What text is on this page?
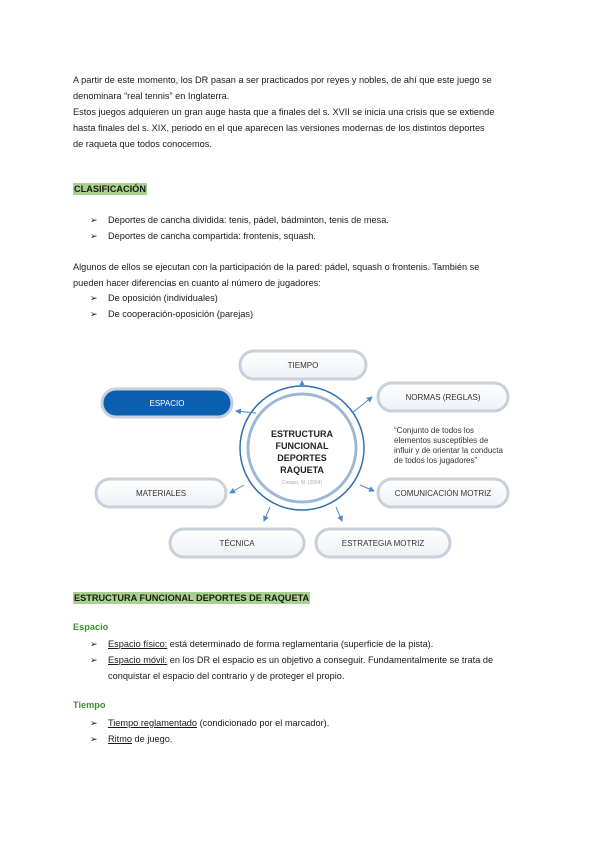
A partir de este momento, los DR pasan a ser practicados por reyes y nobles, de ahí que este juego se

denominara “real tennis” en Inglaterra.

Estos juegos adquieren un gran auge hasta que a finales del s. XVII se inicia una crisis que se extiende

hasta finales del s. XIX, periodo en el que aparecen las versiones modernas de los distintos deportes

de raqueta que todos conocemos.

CLASIFICACIÓN
➢ Deportes de cancha dividida: tenis, pádel, bádminton, tenis de mesa.
➢ Deportes de cancha compartida: frontenis, squash.

Algunos de ellos se ejecutan con la participación de la pared: pádel, squash o frontenis. También se

pueden hacer diferencias en cuanto al número de jugadores:

➢ De oposición (individuales)
➢ De cooperación-oposición (parejas)
ESTRUCTURA
FUNCIONAL
DEPORTES
RAQUETA
Crespo, M. (2004)
TIEMPO
ESPACIO
NORMAS (REGLAS)
MATERIALES	COMUNICACIÓN MOTRIZ
TÉCNICA	ESTRATEGIA MOTRIZ
“Conjunto de todos los
elementos susceptibles de
influir y de orientar la conducta
de todos los jugadores”
ESTRUCTURA FUNCIONAL DEPORTES DE RAQUETA
Espacio
➢ Espacio físico: está determinado de forma reglamentaria (superficie de la pista).
➢ Espacio móvil: en los DR el espacio es un objetivo a conseguir. Fundamentalmente se trata de

conquistar el espacio del contrario y de proteger el propio.

Tiempo
➢ Tiempo reglamentado (condicionado por el marcador).
➢ Ritmo de juego.
